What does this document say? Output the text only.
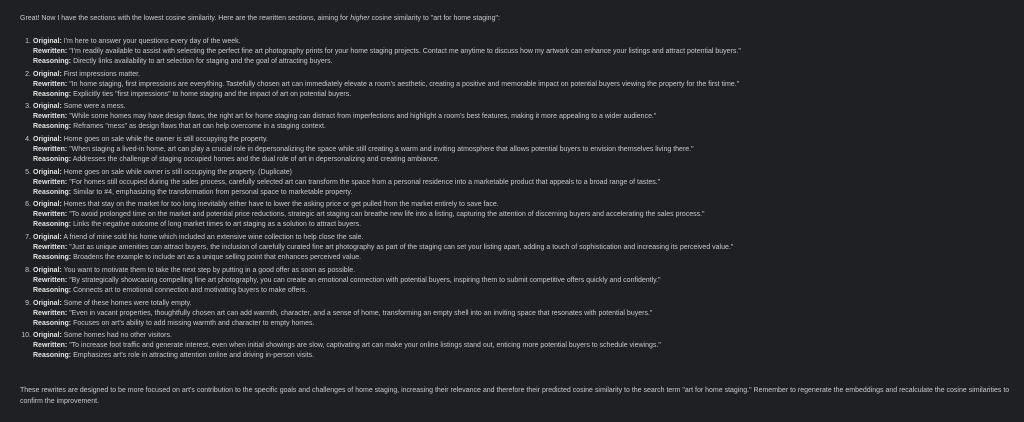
Great! Now I have the sections with the lowest cosine similarity. Here are the rewritten sections, aiming for higher cosine similarity to "art for home staging":
1. Original: I'm here to answer your questions every day of the week.
Rewritten: "I'm readily available to assist with selecting the perfect fine art photography prints for your home staging projects. Contact me anytime to discuss how my artwork can enhance your listings and attract potential buyers."
Reasoning: Directly links availability to art selection for staging and the goal of attracting buyers.
2. Original: First impressions matter.
Rewritten: "In home staging, first impressions are everything. Tastefully chosen art can immediately elevate a room's aesthetic, creating a positive and memorable impact on potential buyers viewing the property for the first time."
Reasoning: Explicitly ties "first impressions" to home staging and the impact of art on potential buyers.
3. Original: Some were a mess.
Rewritten: "While some homes may have design flaws, the right art for home staging can distract from imperfections and highlight a room's best features, making it more appealing to a wider audience."
Reasoning: Reframes "mess" as design flaws that art can help overcome in a staging context.
4. Original: Home goes on sale while the owner is still occupying the property.
Rewritten: "When staging a lived-in home, art can play a crucial role in depersonalizing the space while still creating a warm and inviting atmosphere that allows potential buyers to envision themselves living there."
Reasoning: Addresses the challenge of staging occupied homes and the dual role of art in depersonalizing and creating ambiance.
5. Original: Home goes on sale while owner is still occupying the property. (Duplicate)
Rewritten: "For homes still occupied during the sales process, carefully selected art can transform the space from a personal residence into a marketable product that appeals to a broad range of tastes."
Reasoning: Similar to #4, emphasizing the transformation from personal space to marketable property.
6. Original: Homes that stay on the market for too long inevitably either have to lower the asking price or get pulled from the market entirely to save face.
Rewritten: "To avoid prolonged time on the market and potential price reductions, strategic art staging can breathe new life into a listing, capturing the attention of discerning buyers and accelerating the sales process."
Reasoning: Links the negative outcome of long market times to art staging as a solution to attract buyers.
7. Original: A friend of mine sold his home which included an extensive wine collection to help close the sale.
Rewritten: "Just as unique amenities can attract buyers, the inclusion of carefully curated fine art photography as part of the staging can set your listing apart, adding a touch of sophistication and increasing its perceived value."
Reasoning: Broadens the example to include art as a unique selling point that enhances perceived value.
8. Original: You want to motivate them to take the next step by putting in a good offer as soon as possible.
Rewritten: "By strategically showcasing compelling fine art photography, you can create an emotional connection with potential buyers, inspiring them to submit competitive offers quickly and confidently."
Reasoning: Connects art to emotional connection and motivating buyers to make offers.
9. Original: Some of these homes were totally empty.
Rewritten: "Even in vacant properties, thoughtfully chosen art can add warmth, character, and a sense of home, transforming an empty shell into an inviting space that resonates with potential buyers."
Reasoning: Focuses on art's ability to add missing warmth and character to empty homes.
10. Original: Some homes had no other visitors.
Rewritten: "To increase foot traffic and generate interest, even when initial showings are slow, captivating art can make your online listings stand out, enticing more potential buyers to schedule viewings."
Reasoning: Emphasizes art's role in attracting attention online and driving in-person visits.
These rewrites are designed to be more focused on art's contribution to the specific goals and challenges of home staging, increasing their relevance and therefore their predicted cosine similarity to the search term "art for home staging." Remember to regenerate the embeddings and recalculate the cosine similarities to confirm the improvement.
